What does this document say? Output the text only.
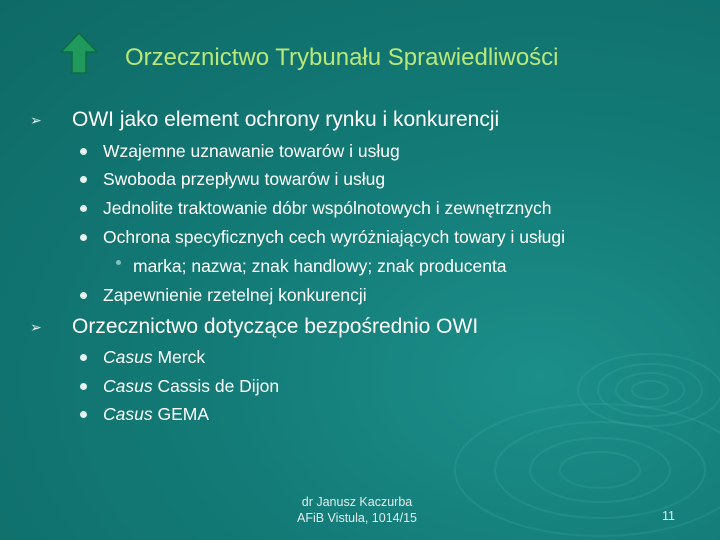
Orzecznictwo Trybunału Sprawiedliwości
➢ OWI jako element ochrony rynku i konkurencji
Wzajemne uznawanie towarów i usług
Swoboda przepływu towarów i usług
Jednolite traktowanie dóbr wspólnotowych i zewnętrznych
Ochrona specyficznych cech wyróżniających towary i usługi
marka; nazwa; znak handlowy; znak producenta
Zapewnienie rzetelnej konkurencji
➢ Orzecznictwo dotyczące bezpośrednio OWI
Casus Merck
Casus Cassis de Dijon
Casus GEMA
dr Janusz Kaczurba
AFiB Vistula, 1014/15	11
